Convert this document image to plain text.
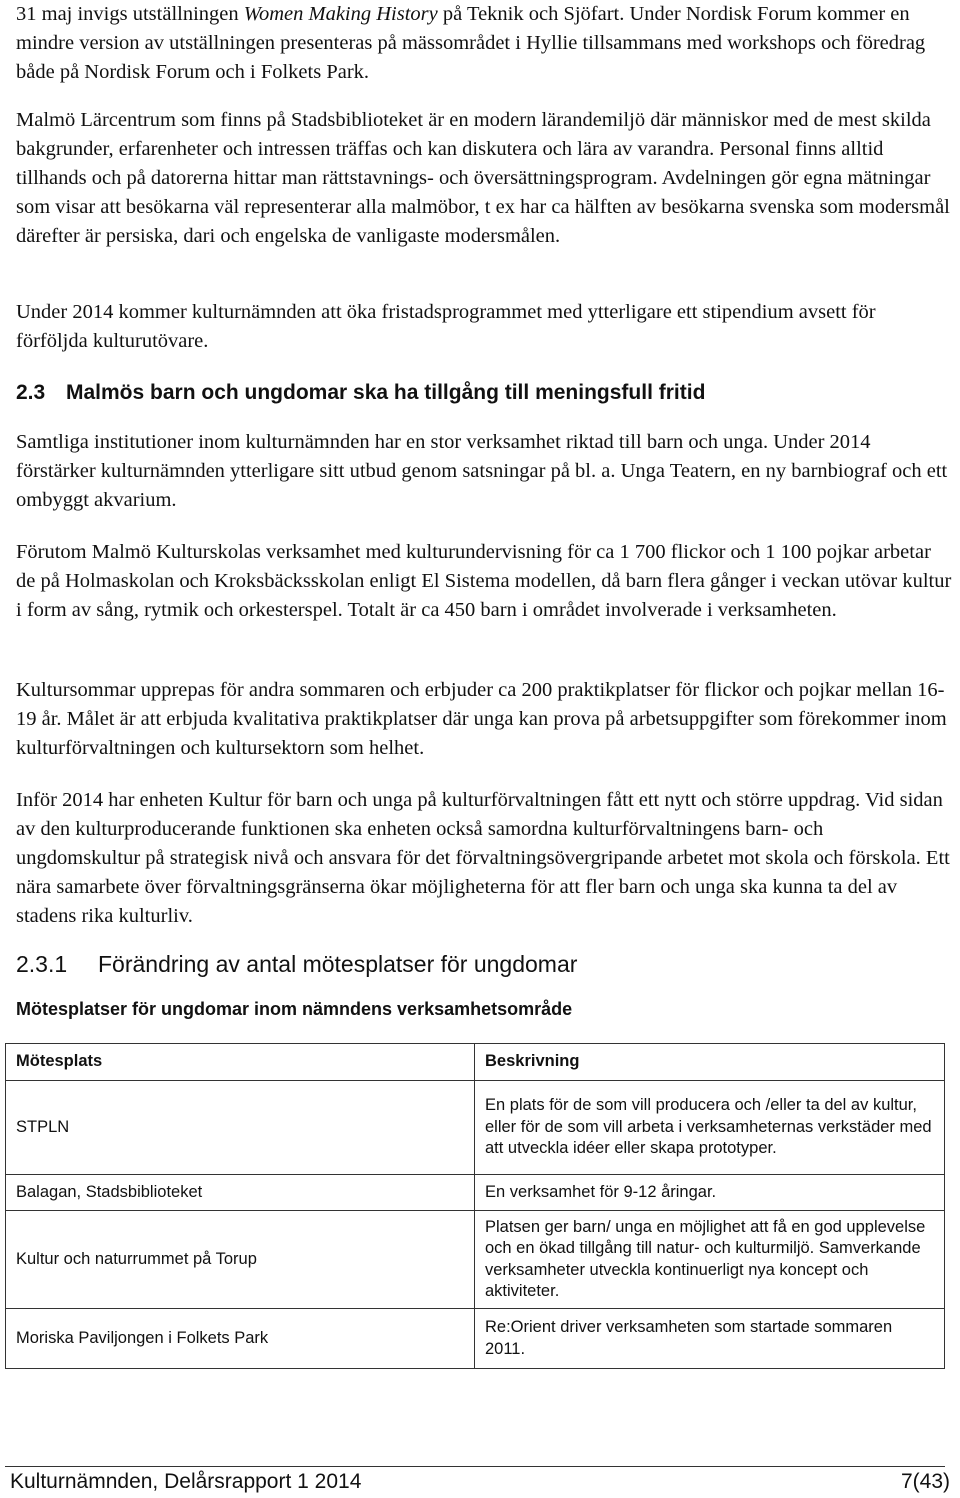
31 maj invigs utställningen Women Making History på Teknik och Sjöfart. Under Nordisk Forum kommer en mindre version av utställningen presenteras på mässområdet i Hyllie tillsammans med workshops och föredrag både på Nordisk Forum och i Folkets Park.

Malmö Lärcentrum som finns på Stadsbiblioteket är en modern lärandemiljö där människor med de mest skilda bakgrunder, erfarenheter och intressen träffas och kan diskutera och lära av varandra. Personal finns alltid tillhands och på datorerna hittar man rättstavnings- och översättningsprogram. Avdelningen gör egna mätningar som visar att besökarna väl representerar alla malmöbor, t ex har ca hälften av besökarna svenska som modersmål därefter är persiska, dari och engelska de vanligaste modersmålen.

Under 2014 kommer kulturnämnden att öka fristadsprogrammet med ytterligare ett stipendium avsett för förföljda kulturutövare.

2.3 Malmös barn och ungdomar ska ha tillgång till meningsfull fritid

Samtliga institutioner inom kulturnämnden har en stor verksamhet riktad till barn och unga. Under 2014 förstärker kulturnämnden ytterligare sitt utbud genom satsningar på bl. a. Unga Teatern, en ny barnbiograf och ett ombyggt akvarium.

Förutom Malmö Kulturskolas verksamhet med kulturundervisning för ca 1 700 flickor och 1 100 pojkar arbetar de på Holmaskolan och Kroksbäcksskolan enligt El Sistema modellen, då barn flera gånger i veckan utövar kultur i form av sång, rytmik och orkesterspel. Totalt är ca 450 barn i området involverade i verksamheten.

Kultursommar upprepas för andra sommaren och erbjuder ca 200 praktikplatser för flickor och pojkar mellan 16-19 år. Målet är att erbjuda kvalitativa praktikplatser där unga kan prova på arbetsuppgifter som förekommer inom kulturförvaltningen och kultursektorn som helhet.

Inför 2014 har enheten Kultur för barn och unga på kulturförvaltningen fått ett nytt och större uppdrag. Vid sidan av den kulturproducerande funktionen ska enheten också samordna kulturförvaltningens barn- och ungdomskultur på strategisk nivå och ansvara för det förvaltningsövergripande arbetet mot skola och förskola. Ett nära samarbete över förvaltningsgränserna ökar möjligheterna för att fler barn och unga ska kunna ta del av stadens rika kulturliv.

2.3.1 Förändring av antal mötesplatser för ungdomar
Mötesplatser för ungdomar inom nämndens verksamhetsområde
Mötesplats	Beskrivning
STPLN	En plats för de som vill producera och /eller ta del av kultur, eller för de som vill arbeta i verksamheternas verkstäder med att utveckla idéer eller skapa prototyper.
Balagan, Stadsbiblioteket	En verksamhet för 9-12 åringar.
Kultur och naturrummet på Torup	Platsen ger barn/ unga en möjlighet att få en god upplevelse och en ökad tillgång till natur- och kulturmiljö. Samverkande verksamheter utveckla kontinuerligt nya koncept och aktiviteter.
Moriska Paviljongen i Folkets Park	Re:Orient driver verksamheten som startade sommaren 2011.
Kulturnämnden, Delårsrapport 1 2014	7(43)
